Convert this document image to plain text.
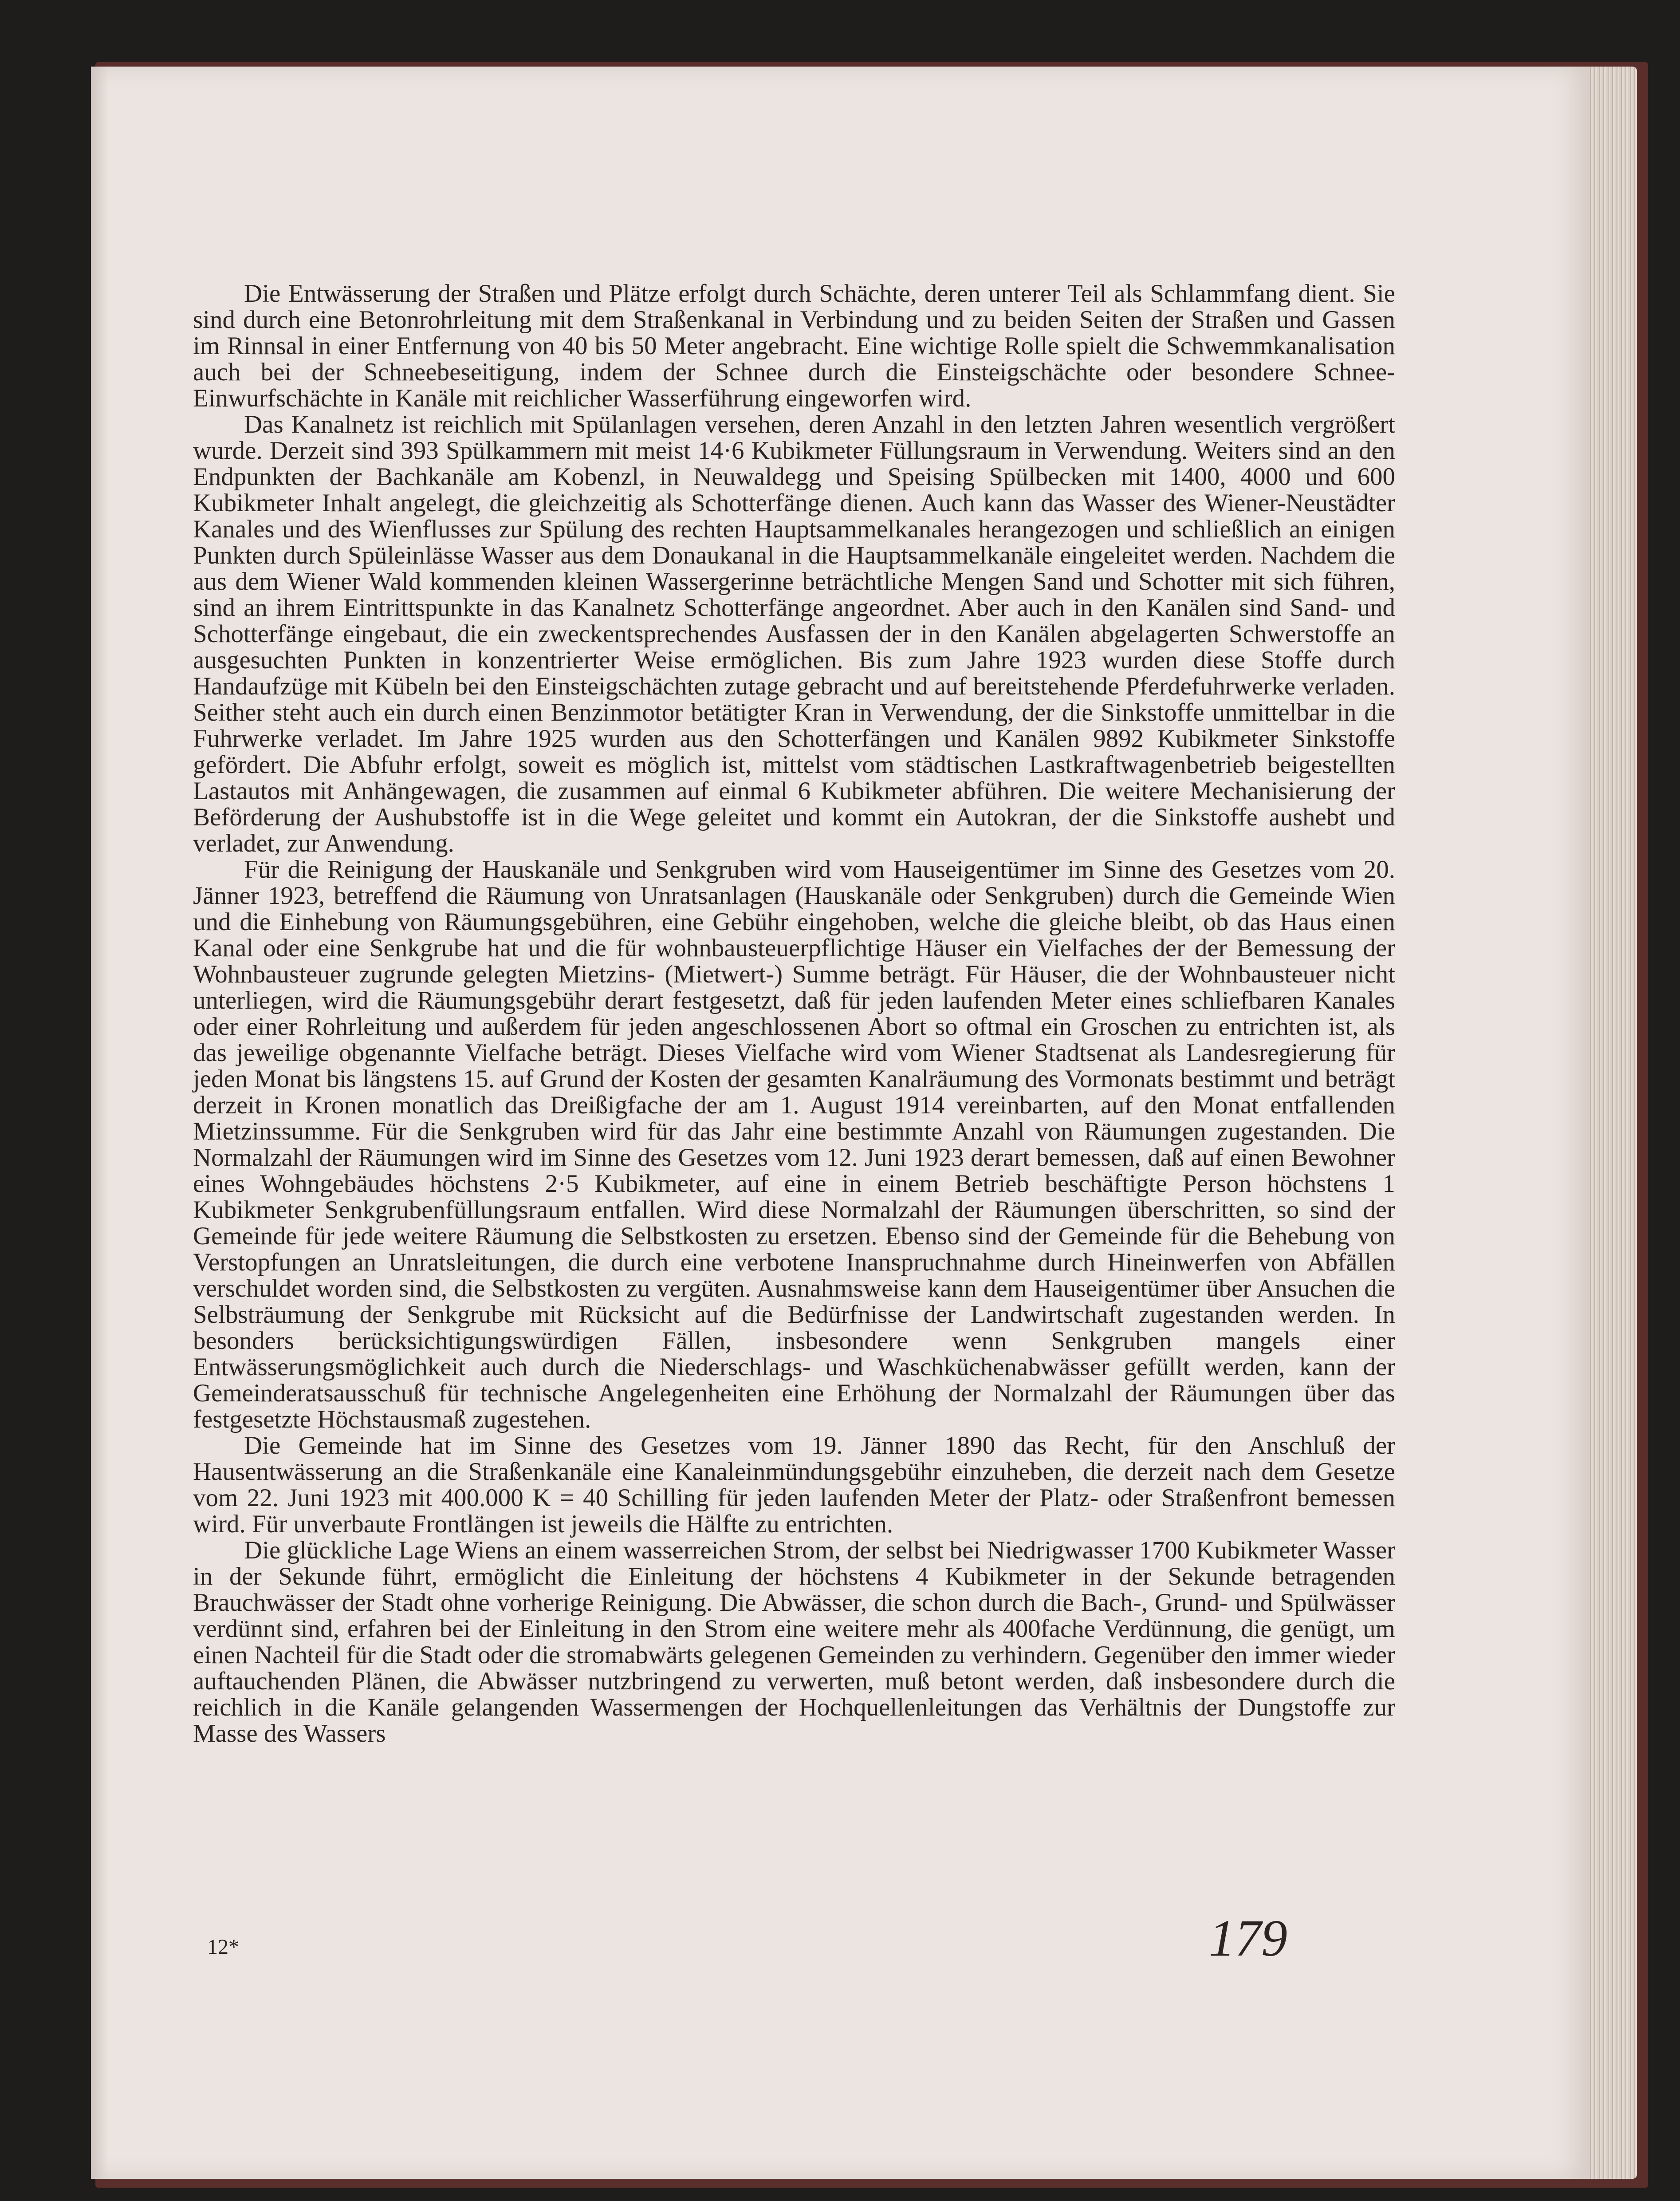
Die Entwässerung der Straßen und Plätze erfolgt durch Schächte, deren unterer Teil als Schlammfang dient. Sie sind durch eine Betonrohrleitung mit dem Straßenkanal in Verbindung und zu beiden Seiten der Straßen und Gassen im Rinnsal in einer Entfernung von 40 bis 50 Meter angebracht. Eine wichtige Rolle spielt die Schwemmkanalisation auch bei der Schneebeseitigung, indem der Schnee durch die Einsteigschächte oder besondere Schnee-Einwurfschächte in Kanäle mit reichlicher Wasserführung eingeworfen wird.

Das Kanalnetz ist reichlich mit Spülanlagen versehen, deren Anzahl in den letzten Jahren wesentlich vergrößert wurde. Derzeit sind 393 Spülkammern mit meist 14·6 Kubikmeter Füllungsraum in Verwendung. Weiters sind an den Endpunkten der Bachkanäle am Kobenzl, in Neuwaldegg und Speising Spülbecken mit 1400, 4000 und 600 Kubikmeter Inhalt angelegt, die gleichzeitig als Schotterfänge dienen. Auch kann das Wasser des Wiener-Neustädter Kanales und des Wienflusses zur Spülung des rechten Hauptsammelkanales herangezogen und schließlich an einigen Punkten durch Spüleinlässe Wasser aus dem Donaukanal in die Hauptsammelkanäle eingeleitet werden. Nachdem die aus dem Wiener Wald kommenden kleinen Wassergerinne beträchtliche Mengen Sand und Schotter mit sich führen, sind an ihrem Eintrittspunkte in das Kanalnetz Schotterfänge angeordnet. Aber auch in den Kanälen sind Sand- und Schotterfänge eingebaut, die ein zweckentsprechendes Ausfassen der in den Kanälen abgelagerten Schwerstoffe an ausgesuchten Punkten in konzentrierter Weise ermöglichen. Bis zum Jahre 1923 wurden diese Stoffe durch Handaufzüge mit Kübeln bei den Einsteigschächten zutage gebracht und auf bereitstehende Pferdefuhrwerke verladen. Seither steht auch ein durch einen Benzinmotor betätigter Kran in Verwendung, der die Sinkstoffe unmittelbar in die Fuhrwerke verladet. Im Jahre 1925 wurden aus den Schotterfängen und Kanälen 9892 Kubikmeter Sinkstoffe gefördert. Die Abfuhr erfolgt, soweit es möglich ist, mittelst vom städtischen Lastkraftwagenbetrieb beigestellten Lastautos mit Anhängewagen, die zusammen auf einmal 6 Kubikmeter abführen. Die weitere Mechanisierung der Beförderung der Aushubstoffe ist in die Wege geleitet und kommt ein Autokran, der die Sinkstoffe aushebt und verladet, zur Anwendung.

Für die Reinigung der Hauskanäle und Senkgruben wird vom Hauseigentümer im Sinne des Gesetzes vom 20. Jänner 1923, betreffend die Räumung von Unratsanlagen (Hauskanäle oder Senkgruben) durch die Gemeinde Wien und die Einhebung von Räumungsgebühren, eine Gebühr eingehoben, welche die gleiche bleibt, ob das Haus einen Kanal oder eine Senkgrube hat und die für wohnbausteuerpflichtige Häuser ein Vielfaches der der Bemessung der Wohnbausteuer zugrunde gelegten Mietzins- (Mietwert-) Summe beträgt. Für Häuser, die der Wohnbausteuer nicht unterliegen, wird die Räumungsgebühr derart festgesetzt, daß für jeden laufenden Meter eines schliefbaren Kanales oder einer Rohrleitung und außerdem für jeden angeschlossenen Abort so oftmal ein Groschen zu entrichten ist, als das jeweilige obgenannte Vielfache beträgt. Dieses Vielfache wird vom Wiener Stadtsenat als Landesregierung für jeden Monat bis längstens 15. auf Grund der Kosten der gesamten Kanalräumung des Vormonats bestimmt und beträgt derzeit in Kronen monatlich das Dreißigfache der am 1. August 1914 vereinbarten, auf den Monat entfallenden Mietzinssumme. Für die Senkgruben wird für das Jahr eine bestimmte Anzahl von Räumungen zugestanden. Die Normalzahl der Räumungen wird im Sinne des Gesetzes vom 12. Juni 1923 derart bemessen, daß auf einen Bewohner eines Wohngebäudes höchstens 2·5 Kubikmeter, auf eine in einem Betrieb beschäftigte Person höchstens 1 Kubikmeter Senkgrubenfüllungsraum entfallen. Wird diese Normalzahl der Räumungen überschritten, so sind der Gemeinde für jede weitere Räumung die Selbstkosten zu ersetzen. Ebenso sind der Gemeinde für die Behebung von Verstopfungen an Unratsleitungen, die durch eine verbotene Inanspruchnahme durch Hineinwerfen von Abfällen verschuldet worden sind, die Selbstkosten zu vergüten. Ausnahmsweise kann dem Hauseigentümer über Ansuchen die Selbsträumung der Senkgrube mit Rücksicht auf die Bedürfnisse der Landwirtschaft zugestanden werden. In besonders berücksichtigungswürdigen Fällen, insbesondere wenn Senkgruben mangels einer Entwässerungsmöglichkeit auch durch die Niederschlags- und Waschküchenabwässer gefüllt werden, kann der Gemeinderatsausschuß für technische Angelegenheiten eine Erhöhung der Normalzahl der Räumungen über das festgesetzte Höchstausmaß zugestehen.

Die Gemeinde hat im Sinne des Gesetzes vom 19. Jänner 1890 das Recht, für den Anschluß der Hausentwässerung an die Straßenkanäle eine Kanaleinmündungsgebühr einzuheben, die derzeit nach dem Gesetze vom 22. Juni 1923 mit 400.000 K = 40 Schilling für jeden laufenden Meter der Platz- oder Straßenfront bemessen wird. Für unverbaute Frontlängen ist jeweils die Hälfte zu entrichten.

Die glückliche Lage Wiens an einem wasserreichen Strom, der selbst bei Niedrigwasser 1700 Kubikmeter Wasser in der Sekunde führt, ermöglicht die Einleitung der höchstens 4 Kubikmeter in der Sekunde betragenden Brauchwässer der Stadt ohne vorherige Reinigung. Die Abwässer, die schon durch die Bach-, Grund- und Spülwässer verdünnt sind, erfahren bei der Einleitung in den Strom eine weitere mehr als 400fache Verdünnung, die genügt, um einen Nachteil für die Stadt oder die stromabwärts gelegenen Gemeinden zu verhindern. Gegenüber den immer wieder auftauchenden Plänen, die Abwässer nutzbringend zu verwerten, muß betont werden, daß insbesondere durch die reichlich in die Kanäle gelangenden Wassermengen der Hochquellenleitungen das Verhältnis der Dungstoffe zur Masse des Wassers

12*	179
